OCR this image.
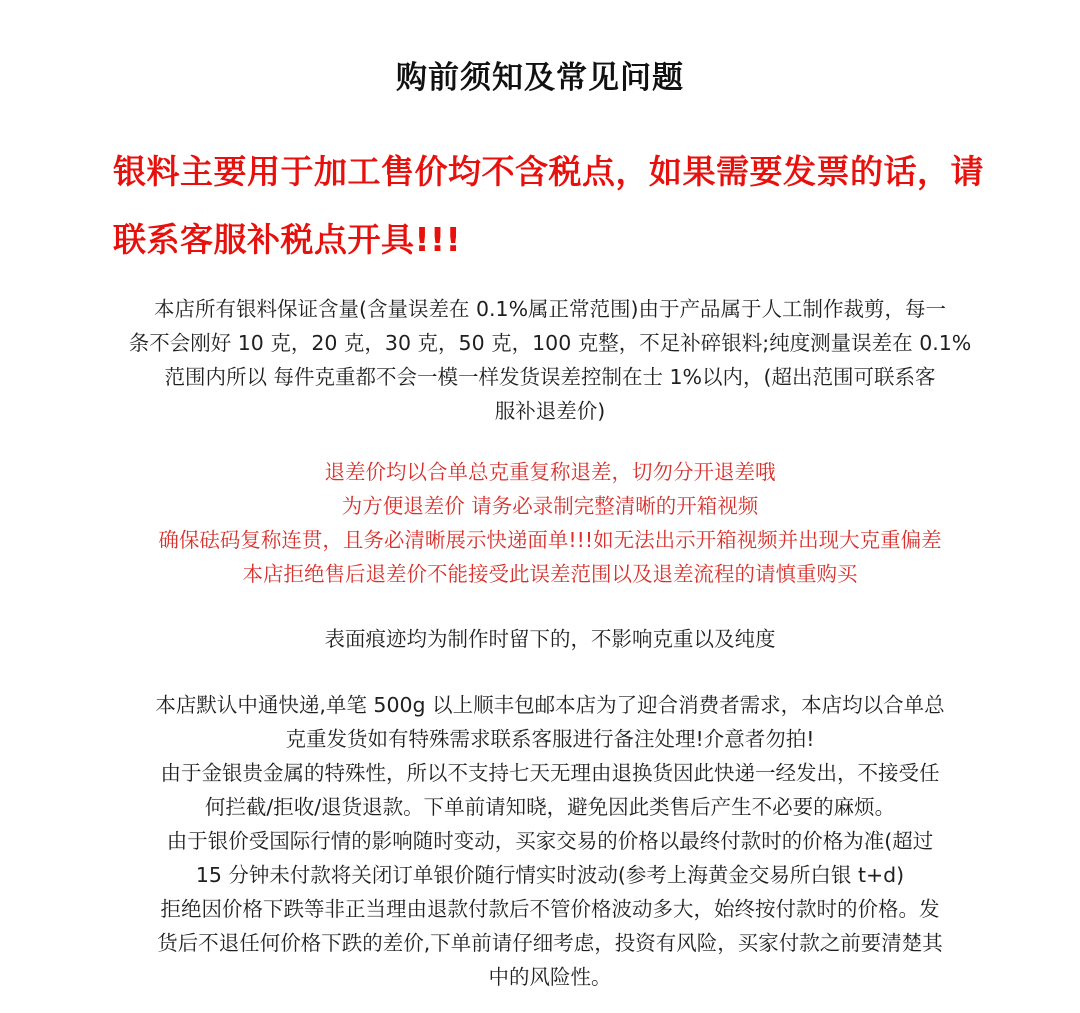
购前须知及常见问题
银料主要用于加工售价均不含税点，如果需要发票的话，请
联系客服补税点开具!!!
本店所有银料保证含量(含量误差在 0.1%属正常范围)由于产品属于人工制作裁剪，每一
条不会刚好 10 克，20 克，30 克，50 克，100 克整，不足补碎银料;纯度测量误差在 0.1%
范围内所以 每件克重都不会一模一样发货误差控制在士 1%以内，(超出范围可联系客
服补退差价)
退差价均以合单总克重复称退差，切勿分开退差哦
为方便退差价 请务必录制完整清晰的开箱视频
确保砝码复称连贯，且务必清晰展示快递面单!!!如无法出示开箱视频并出现大克重偏差
本店拒绝售后退差价不能接受此误差范围以及退差流程的请慎重购买
表面痕迹均为制作时留下的，不影响克重以及纯度
本店默认中通快递,单笔 500g 以上顺丰包邮本店为了迎合消费者需求，本店均以合单总
克重发货如有特殊需求联系客服进行备注处理!介意者勿拍!
由于金银贵金属的特殊性，所以不支持七天无理由退换货因此快递一经发出，不接受任
何拦截/拒收/退货退款。下单前请知晓，避免因此类售后产生不必要的麻烦。
由于银价受国际行情的影响随时变动，买家交易的价格以最终付款时的价格为准(超过
15 分钟未付款将关闭订单银价随行情实时波动(参考上海黄金交易所白银 t+d)
拒绝因价格下跌等非正当理由退款付款后不管价格波动多大，始终按付款时的价格。发
货后不退任何价格下跌的差价,下单前请仔细考虑，投资有风险，买家付款之前要清楚其
中的风险性。
